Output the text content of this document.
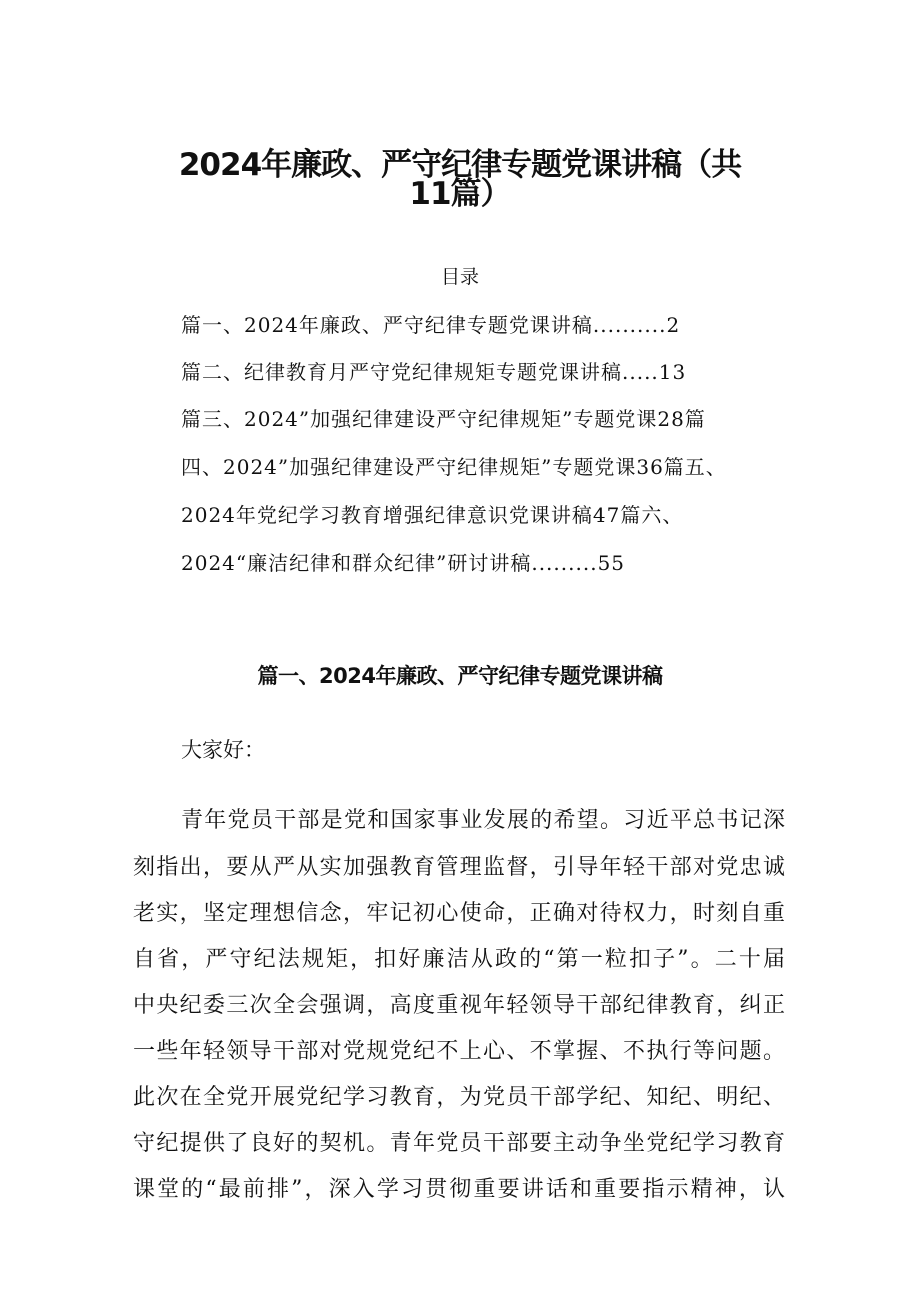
2024年廉政、严守纪律专题党课讲稿（共
11篇）
目录
篇一、2024年廉政、严守纪律专题党课讲稿..........2
篇二、纪律教育月严守党纪律规矩专题党课讲稿.....13
篇三、2024”加强纪律建设严守纪律规矩”专题党课28篇
四、2024”加强纪律建设严守纪律规矩”专题党课36篇五、
2024年党纪学习教育增强纪律意识党课讲稿47篇六、
2024“廉洁纪律和群众纪律”研讨讲稿.........55
篇一、2024年廉政、严守纪律专题党课讲稿
大家好：
青年党员干部是党和国家事业发展的希望。习近平总书记深
刻指出，要从严从实加强教育管理监督，引导年轻干部对党忠诚
老实，坚定理想信念，牢记初心使命，正确对待权力，时刻自重
自省，严守纪法规矩，扣好廉洁从政的“第一粒扣子”。二十届
中央纪委三次全会强调，高度重视年轻领导干部纪律教育，纠正
一些年轻领导干部对党规党纪不上心、不掌握、不执行等问题。
此次在全党开展党纪学习教育，为党员干部学纪、知纪、明纪、
守纪提供了良好的契机。青年党员干部要主动争坐党纪学习教育
课堂的“最前排”，深入学习贯彻重要讲话和重要指示精神，认
